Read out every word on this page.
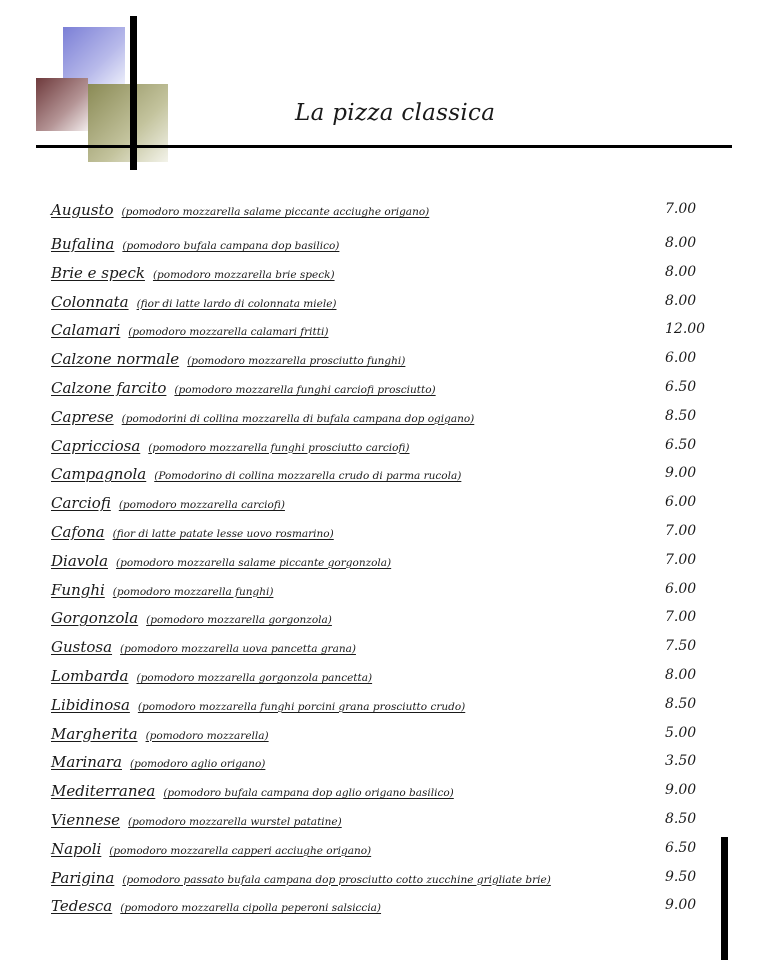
La pizza classica
Augusto (pomodoro mozzarella salame piccante acciughe origano)	7.00
Bufalina (pomodoro bufala campana dop basilico)	8.00
Brie e speck (pomodoro mozzarella brie speck)	8.00
Colonnata (fior di latte lardo di colonnata miele)	8.00
Calamari (pomodoro mozzarella calamari fritti)	12.00
Calzone normale (pomodoro mozzarella prosciutto funghi)	6.00
Calzone farcito (pomodoro mozzarella funghi carciofi prosciutto)	6.50
Caprese (pomodorini di collina mozzarella di bufala campana dop ogigano)	8.50
Capricciosa (pomodoro mozzarella funghi prosciutto carciofi)	6.50
Campagnola (Pomodorino di collina mozzarella crudo di parma rucola)	9.00
Carciofi (pomodoro mozzarella carciofi)	6.00
Cafona (fior di latte patate lesse uovo rosmarino)	7.00
Diavola (pomodoro mozzarella salame piccante gorgonzola)	7.00
Funghi (pomodoro mozzarella funghi)	6.00
Gorgonzola (pomodoro mozzarella gorgonzola)	7.00
Gustosa (pomodoro mozzarella uova pancetta grana)	7.50
Lombarda (pomodoro mozzarella gorgonzola pancetta)	8.00
Libidinosa (pomodoro mozzarella funghi porcini grana prosciutto crudo)	8.50
Margherita (pomodoro mozzarella)	5.00
Marinara (pomodoro aglio origano)	3.50
Mediterranea (pomodoro bufala campana dop aglio origano basilico)	9.00
Viennese (pomodoro mozzarella wurstel patatine)	8.50
Napoli (pomodoro mozzarella capperi acciughe origano)	6.50
Parigina (pomodoro passato bufala campana dop prosciutto cotto zucchine grigliate brie)	9.50
Tedesca (pomodoro mozzarella cipolla peperoni salsiccia)	9.00
